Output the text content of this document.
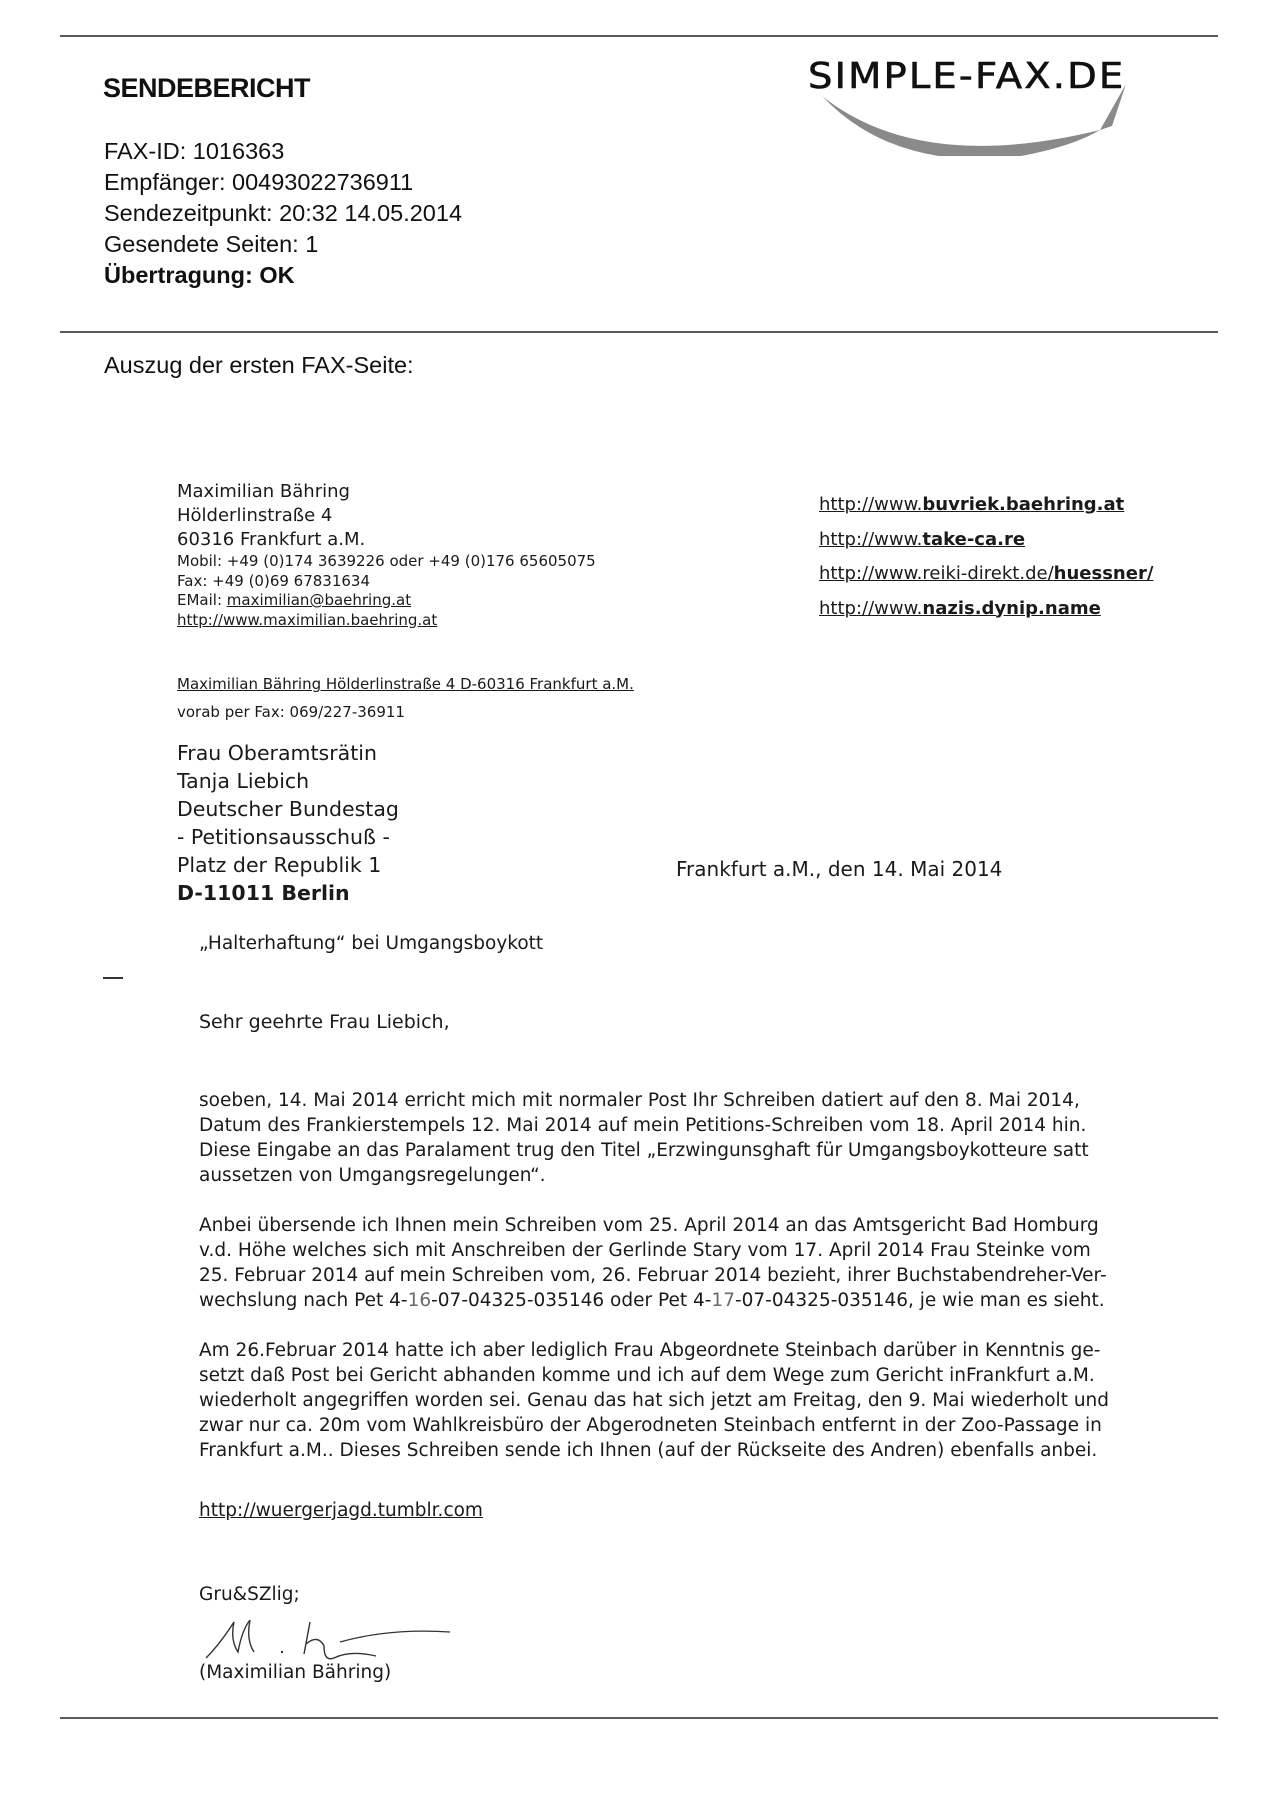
SENDEBERICHT
FAX-ID: 1016363
Empfänger: 00493022736911
Sendezeitpunkt: 20:32 14.05.2014
Gesendete Seiten: 1
Übertragung: OK
SIMPLE-FAX.DE
Auszug der ersten FAX-Seite:
Maximilian Bähring
Hölderlinstraße 4
60316 Frankfurt a.M.
Mobil: +49 (0)174 3639226 oder +49 (0)176 65605075
Fax: +49 (0)69 67831634
EMail: maximilian@baehring.at
http://www.maximilian.baehring.at
http://www.buvriek.baehring.at
http://www.take-ca.re
http://www.reiki-direkt.de/huessner/
http://www.nazis.dynip.name
Maximilian Bähring Hölderlinstraße 4 D-60316 Frankfurt a.M.
vorab per Fax: 069/227-36911
Frau Oberamtsrätin
Tanja Liebich
Deutscher Bundestag
- Petitionsausschuß -
Platz der Republik 1
D-11011 Berlin
Frankfurt a.M., den 14. Mai 2014
„Halterhaftung“ bei Umgangsboykott
Sehr geehrte Frau Liebich,

soeben, 14. Mai 2014 erricht mich mit normaler Post Ihr Schreiben datiert auf den 8. Mai 2014,
Datum des Frankierstempels 12. Mai 2014 auf mein Petitions-Schreiben vom 18. April 2014 hin.
Diese Eingabe an das Paralament trug den Titel „Erzwingunsghaft für Umgangsboykotteure satt
aussetzen von Umgangsregelungen“.

Anbei übersende ich Ihnen mein Schreiben vom 25. April 2014 an das Amtsgericht Bad Homburg
v.d. Höhe welches sich mit Anschreiben der Gerlinde Stary vom 17. April 2014 Frau Steinke vom
25. Februar 2014 auf mein Schreiben vom, 26. Februar 2014 bezieht, ihrer Buchstabendreher-Ver-
wechslung nach Pet 4-16-07-04325-035146 oder Pet 4-17-07-04325-035146, je wie man es sieht.

Am 26.Februar 2014 hatte ich aber lediglich Frau Abgeordnete Steinbach darüber in Kenntnis ge-
setzt daß Post bei Gericht abhanden komme und ich auf dem Wege zum Gericht inFrankfurt a.M.
wiederholt angegriffen worden sei. Genau das hat sich jetzt am Freitag, den 9. Mai wiederholt und
zwar nur ca. 20m vom Wahlkreisbüro der Abgerodneten Steinbach entfernt in der Zoo-Passage in
Frankfurt a.M.. Dieses Schreiben sende ich Ihnen (auf der Rückseite des Andren) ebenfalls anbei.

http://wuergerjagd.tumblr.com
Gru&SZlig;
(Maximilian Bähring)
